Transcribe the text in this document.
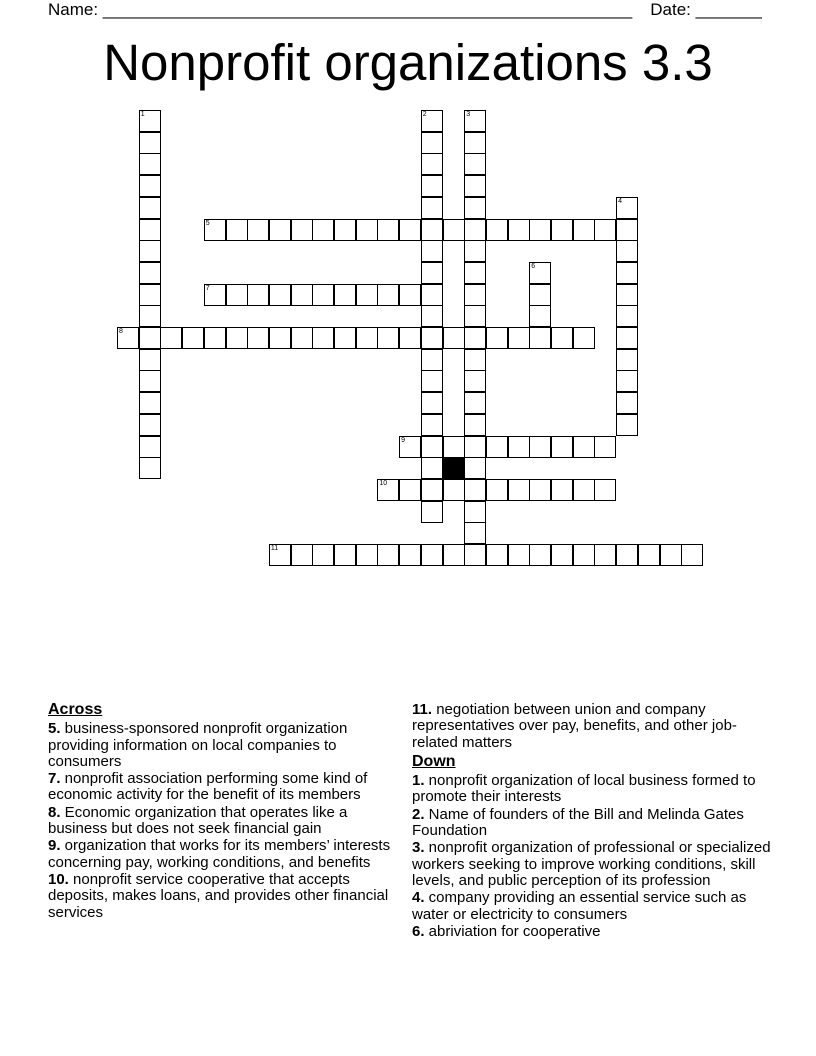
Name: ________________________________________________________ Date: _______
Nonprofit organizations 3.3
1	2	3
4
5
6
7
8
9
10
11
Across
5. business-sponsored nonprofit organization providing information on local companies to consumers
7. nonprofit association performing some kind of economic activity for the benefit of its members
8. Economic organization that operates like a business but does not seek financial gain
9. organization that works for its members’ interests concerning pay, working conditions, and benefits
10. nonprofit service cooperative that accepts deposits, makes loans, and provides other financial services
11. negotiation between union and company representatives over pay, benefits, and other job-related matters
Down
1. nonprofit organization of local business formed to promote their interests
2. Name of founders of the Bill and Melinda Gates Foundation
3. nonprofit organization of professional or specialized workers seeking to improve working conditions, skill levels, and public perception of its profession
4. company providing an essential service such as water or electricity to consumers
6. abriviation for cooperative
